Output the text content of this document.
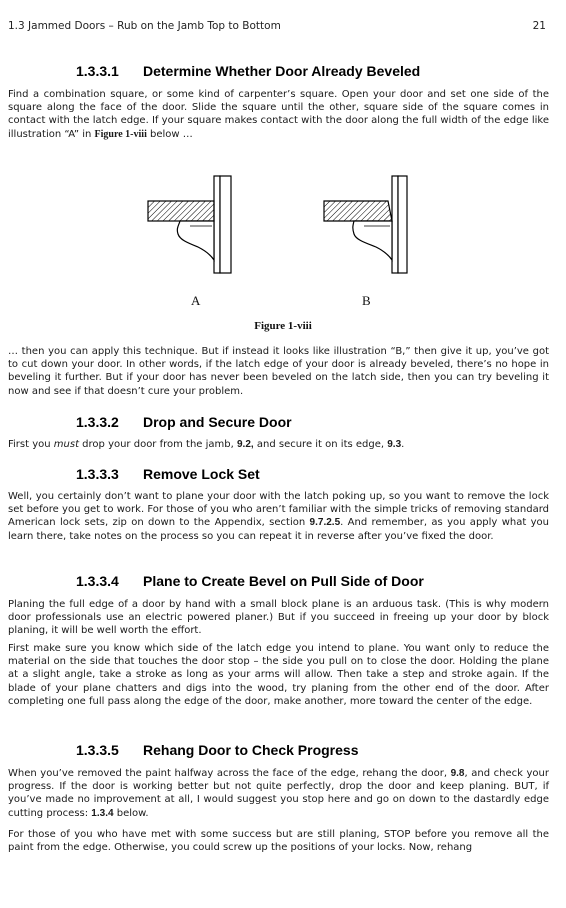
1.3 Jammed Doors – Rub on the Jamb Top to Bottom	21
1.3.3.1 Determine Whether Door Already Beveled

Find a combination square, or some kind of carpenter’s square. Open your door and set one side of the square along the face of the door. Slide the square until the other, square side of the square comes in contact with the latch edge. If your square makes contact with the door along the full width of the edge like illustration “A” in Figure 1-viii below …

A	B
Figure 1-viii

… then you can apply this technique. But if instead it looks like illustration “B,” then give it up, you’ve got to cut down your door. In other words, if the latch edge of your door is already beveled, there’s no hope in beveling it further. But if your door has never been beveled on the latch side, then you can try beveling it now and see if that doesn’t cure your problem.

1.3.3.2 Drop and Secure Door

First you must drop your door from the jamb, 9.2, and secure it on its edge, 9.3.

1.3.3.3 Remove Lock Set

Well, you certainly don’t want to plane your door with the latch poking up, so you want to remove the lock set before you get to work. For those of you who aren’t familiar with the simple tricks of removing standard American lock sets, zip on down to the Appendix, section 9.7.2.5. And remember, as you apply what you learn there, take notes on the process so you can repeat it in reverse after you’ve fixed the door.

1.3.3.4 Plane to Create Bevel on Pull Side of Door

Planing the full edge of a door by hand with a small block plane is an arduous task. (This is why modern door professionals use an electric powered planer.) But if you succeed in freeing up your door by block planing, it will be well worth the effort.

First make sure you know which side of the latch edge you intend to plane. You want only to reduce the material on the side that touches the door stop – the side you pull on to close the door. Holding the plane at a slight angle, take a stroke as long as your arms will allow. Then take a step and stroke again. If the blade of your plane chatters and digs into the wood, try planing from the other end of the door. After completing one full pass along the edge of the door, make another, more toward the center of the edge.

1.3.3.5 Rehang Door to Check Progress

When you’ve removed the paint halfway across the face of the edge, rehang the door, 9.8, and check your progress. If the door is working better but not quite perfectly, drop the door and keep planing. BUT, if you’ve made no improvement at all, I would suggest you stop here and go on down to the dastardly edge cutting process: 1.3.4 below.

For those of you who have met with some success but are still planing, STOP before you remove all the paint from the edge. Otherwise, you could screw up the positions of your locks. Now, rehang
